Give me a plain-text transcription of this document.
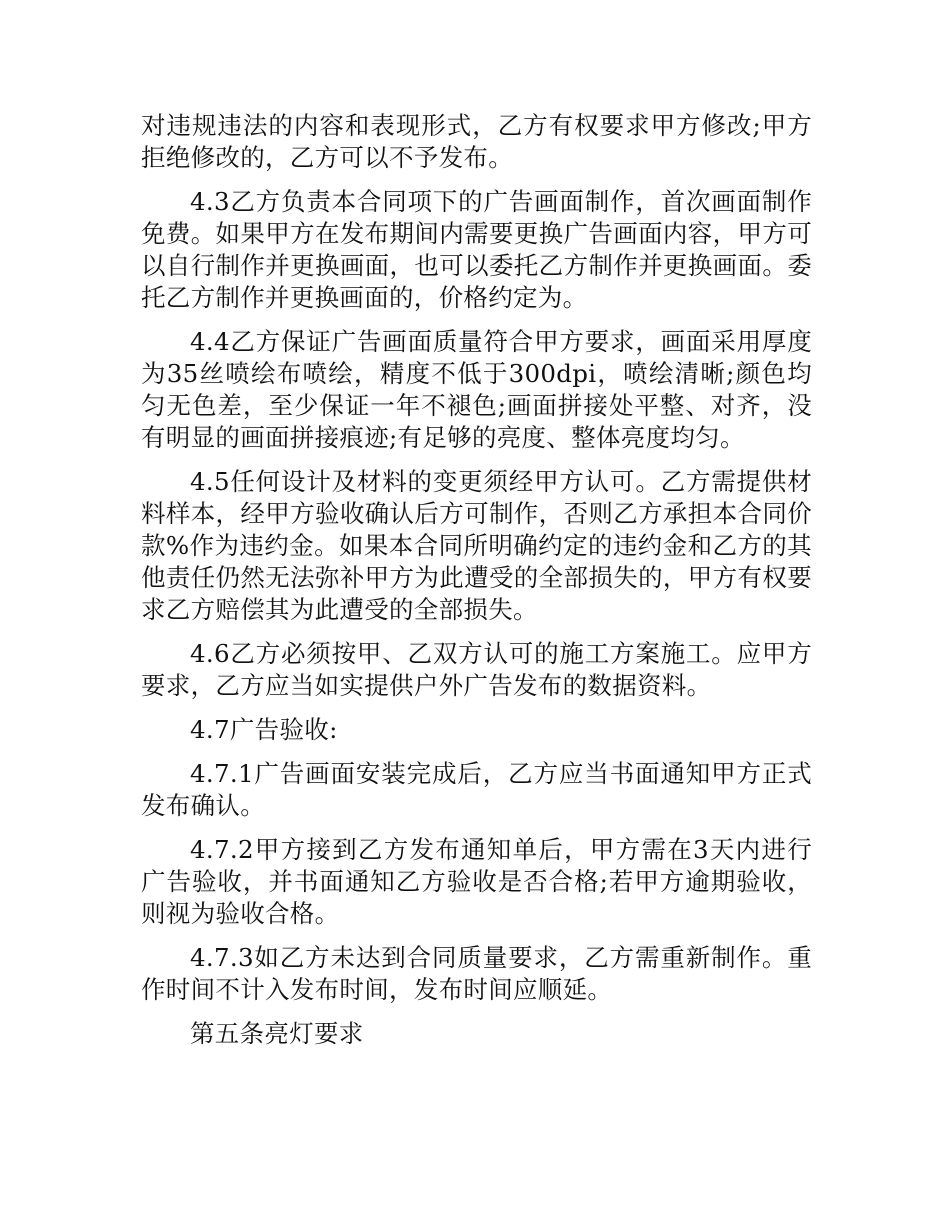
对违规违法的内容和表现形式，乙方有权要求甲方修改;甲方拒绝修改的，乙方可以不予发布。

4.3乙方负责本合同项下的广告画面制作，首次画面制作免费。如果甲方在发布期间内需要更换广告画面内容，甲方可以自行制作并更换画面，也可以委托乙方制作并更换画面。委托乙方制作并更换画面的，价格约定为。

4.4乙方保证广告画面质量符合甲方要求，画面采用厚度为35丝喷绘布喷绘，精度不低于300dpi，喷绘清晰;颜色均匀无色差，至少保证一年不褪色;画面拼接处平整、对齐，没有明显的画面拼接痕迹;有足够的亮度、整体亮度均匀。

4.5任何设计及材料的变更须经甲方认可。乙方需提供材料样本，经甲方验收确认后方可制作，否则乙方承担本合同价款%作为违约金。如果本合同所明确约定的违约金和乙方的其他责任仍然无法弥补甲方为此遭受的全部损失的，甲方有权要求乙方赔偿其为此遭受的全部损失。

4.6乙方必须按甲、乙双方认可的施工方案施工。应甲方要求，乙方应当如实提供户外广告发布的数据资料。

4.7广告验收:

4.7.1广告画面安装完成后，乙方应当书面通知甲方正式发布确认。

4.7.2甲方接到乙方发布通知单后，甲方需在3天内进行广告验收，并书面通知乙方验收是否合格;若甲方逾期验收，则视为验收合格。

4.7.3如乙方未达到合同质量要求，乙方需重新制作。重作时间不计入发布时间，发布时间应顺延。

第五条亮灯要求
